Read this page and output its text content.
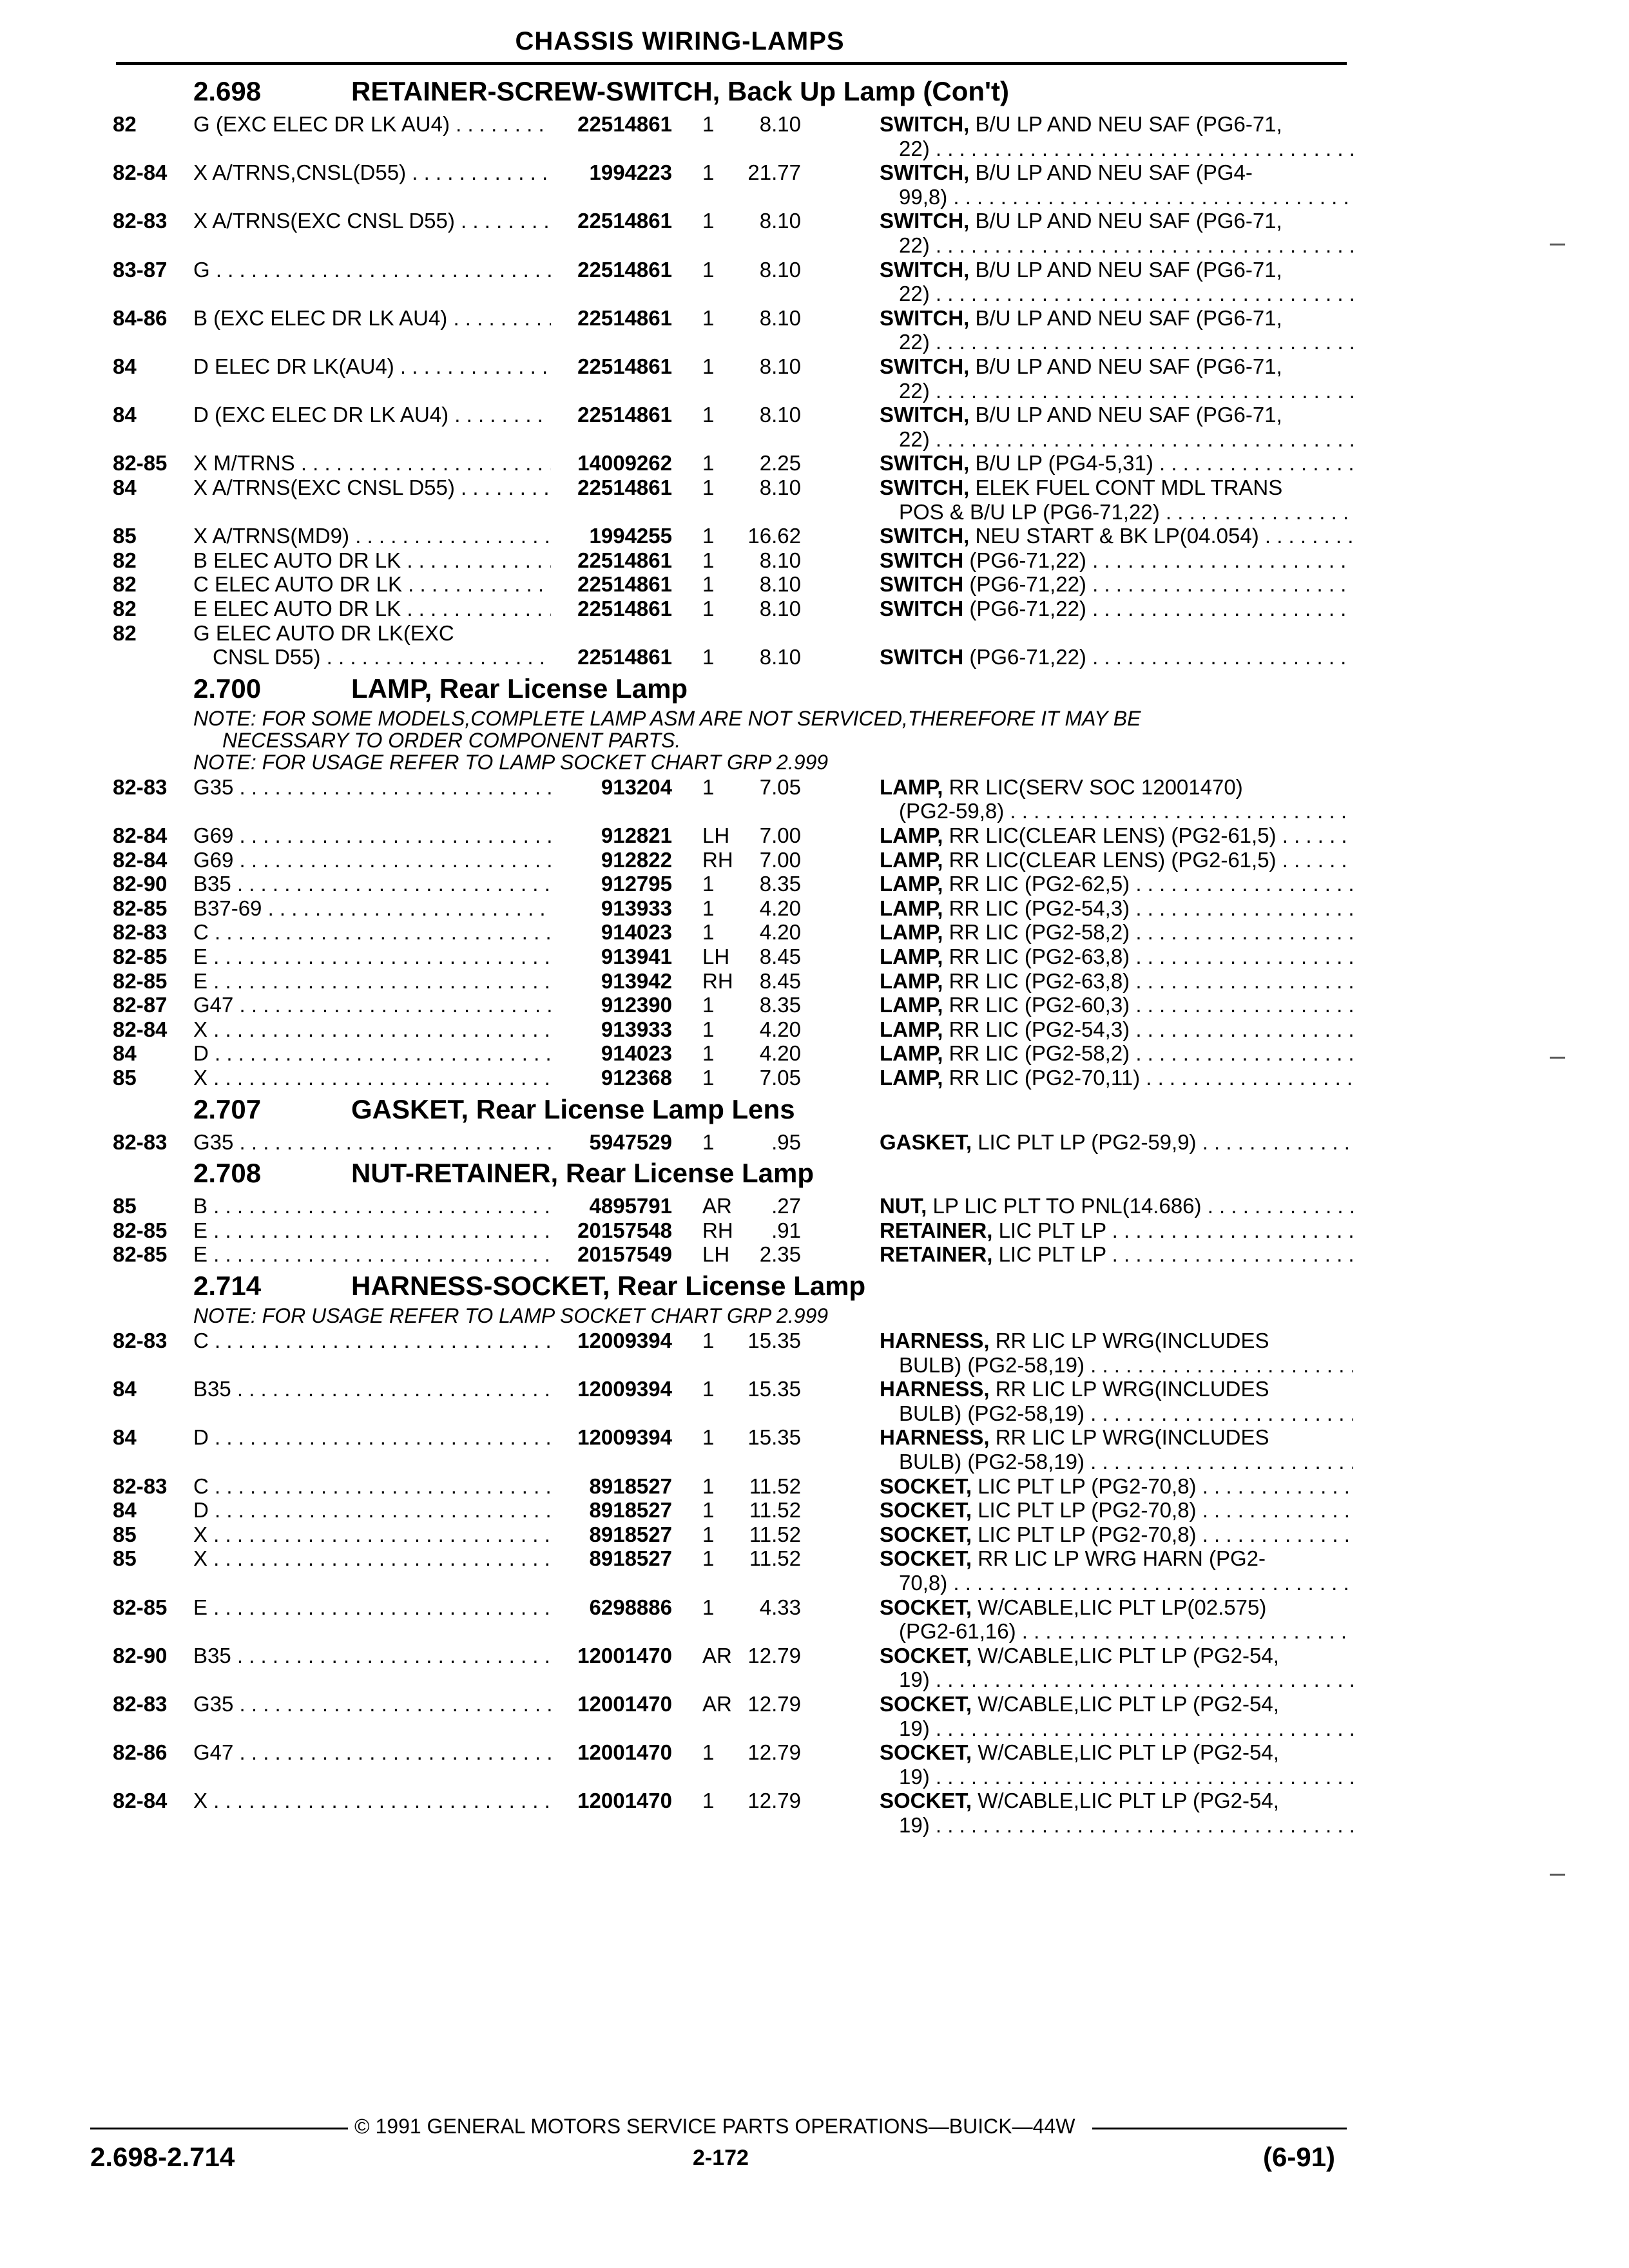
CHASSIS WIRING-LAMPS
2.698	RETAINER-SCREW-SWITCH, Back Up Lamp (Con't)
82	G (EXC ELEC DR LK AU4) . . .	22514861 1 8.10	SWITCH, B/U LP AND NEU SAF (PG6-71,
22) . . .
82-84 X A/TRNS,CNSL(D55) . . .	1994223 1 21.77	SWITCH, B/U LP AND NEU SAF (PG4-
99,8) . . .
82-83 X A/TRNS(EXC CNSL D55) . . .	22514861 1 8.10	SWITCH, B/U LP AND NEU SAF (PG6-71,
22) . . .
83-87 G . . .	22514861 1 8.10	SWITCH, B/U LP AND NEU SAF (PG6-71,
22) . . .
84-86 B (EXC ELEC DR LK AU4) . . .	22514861 1 8.10	SWITCH, B/U LP AND NEU SAF (PG6-71,
22) . . .
84	D ELEC DR LK(AU4) . . .	22514861 1 8.10	SWITCH, B/U LP AND NEU SAF (PG6-71,
22) . . .
84	D (EXC ELEC DR LK AU4) . . .	22514861 1 8.10	SWITCH, B/U LP AND NEU SAF (PG6-71,
22) . . .
82-85 X M/TRNS . . .	14009262 1 2.25	SWITCH, B/U LP (PG4-5,31) . . .
84	X A/TRNS(EXC CNSL D55) . . .	22514861 1 8.10	SWITCH, ELEK FUEL CONT MDL TRANS
POS & B/U LP (PG6-71,22) . . .
85	X A/TRNS(MD9) . . .	1994255 1 16.62	SWITCH, NEU START & BK LP(04.054) . . .
82	B ELEC AUTO DR LK . . .	22514861 1 8.10	SWITCH (PG6-71,22) . . .
82	C ELEC AUTO DR LK . . .	22514861 1 8.10	SWITCH (PG6-71,22) . . .
82	E ELEC AUTO DR LK . . .	22514861 1 8.10	SWITCH (PG6-71,22) . . .
82	G ELEC AUTO DR LK(EXC
CNSL D55) . . .	22514861 1 8.10	SWITCH (PG6-71,22) . . .
2.700	LAMP, Rear License Lamp
NOTE: FOR SOME MODELS,COMPLETE LAMP ASM ARE NOT SERVICED,THEREFORE IT MAY BE
NECESSARY TO ORDER COMPONENT PARTS.
NOTE: FOR USAGE REFER TO LAMP SOCKET CHART GRP 2.999
82-83 G35 . . .	913204 1 7.05	LAMP, RR LIC(SERV SOC 12001470)
(PG2-59,8) . . .
82-84 G69 . . .	912821 LH 7.00	LAMP, RR LIC(CLEAR LENS) (PG2-61,5) . . .
82-84 G69 . . .	912822 RH 7.00	LAMP, RR LIC(CLEAR LENS) (PG2-61,5) . . .
82-90 B35 . . .	912795 1 8.35	LAMP, RR LIC (PG2-62,5) . . .
82-85 B37-69 . . .	913933 1 4.20	LAMP, RR LIC (PG2-54,3) . . .
82-83 C . . .	914023 1 4.20	LAMP, RR LIC (PG2-58,2) . . .
82-85 E . . .	913941 LH 8.45	LAMP, RR LIC (PG2-63,8) . . .
82-85 E . . .	913942 RH 8.45	LAMP, RR LIC (PG2-63,8) . . .
82-87 G47 . . .	912390 1 8.35	LAMP, RR LIC (PG2-60,3) . . .
82-84 X . . .	913933 1 4.20	LAMP, RR LIC (PG2-54,3) . . .
84	D . . .	914023 1 4.20	LAMP, RR LIC (PG2-58,2) . . .
85	X . . .	912368 1 7.05	LAMP, RR LIC (PG2-70,11) . . .
2.707	GASKET, Rear License Lamp Lens
82-83 G35 . . .	5947529 1	.95	GASKET, LIC PLT LP (PG2-59,9) . . .
2.708	NUT-RETAINER, Rear License Lamp
85	B . . .	4895791 AR .27	NUT, LP LIC PLT TO PNL(14.686) . . .
82-85 E . . .	20157548 RH .91	RETAINER, LIC PLT LP . . .
82-85 E . . .	20157549 LH 2.35	RETAINER, LIC PLT LP . . .
2.714	HARNESS-SOCKET, Rear License Lamp
NOTE: FOR USAGE REFER TO LAMP SOCKET CHART GRP 2.999
82-83 C . . .	12009394 1 15.35	HARNESS, RR LIC LP WRG(INCLUDES
BULB) (PG2-58,19) . . .
84	B35 . . .	12009394 1 15.35	HARNESS, RR LIC LP WRG(INCLUDES
BULB) (PG2-58,19) . . .
84	D . . .	12009394 1 15.35	HARNESS, RR LIC LP WRG(INCLUDES
BULB) (PG2-58,19) . . .
82-83 C . . .	8918527 1 11.52	SOCKET, LIC PLT LP (PG2-70,8) . . .
84	D . . .	8918527 1 11.52	SOCKET, LIC PLT LP (PG2-70,8) . . .
85	X . . .	8918527 1 11.52	SOCKET, LIC PLT LP (PG2-70,8) . . .
85	X . . .	8918527 1 11.52	SOCKET, RR LIC LP WRG HARN (PG2-
70,8) . . .
82-85 E . . .	6298886 1 4.33	SOCKET, W/CABLE,LIC PLT LP(02.575)
(PG2-61,16) . . .
82-90 B35 . . .	12001470 AR 12.79	SOCKET, W/CABLE,LIC PLT LP (PG2-54,
19) . . .
82-83 G35 . . .	12001470 AR 12.79	SOCKET, W/CABLE,LIC PLT LP (PG2-54,
19) . . .
82-86 G47 . . .	12001470 1 12.79	SOCKET, W/CABLE,LIC PLT LP (PG2-54,
19) . . .
82-84 X . . .	12001470 1 12.79	SOCKET, W/CABLE,LIC PLT LP (PG2-54,
19) . . .
© 1991 GENERAL MOTORS SERVICE PARTS OPERATIONS—BUICK—44W
2.698-2.714	2-172	(6-91)
